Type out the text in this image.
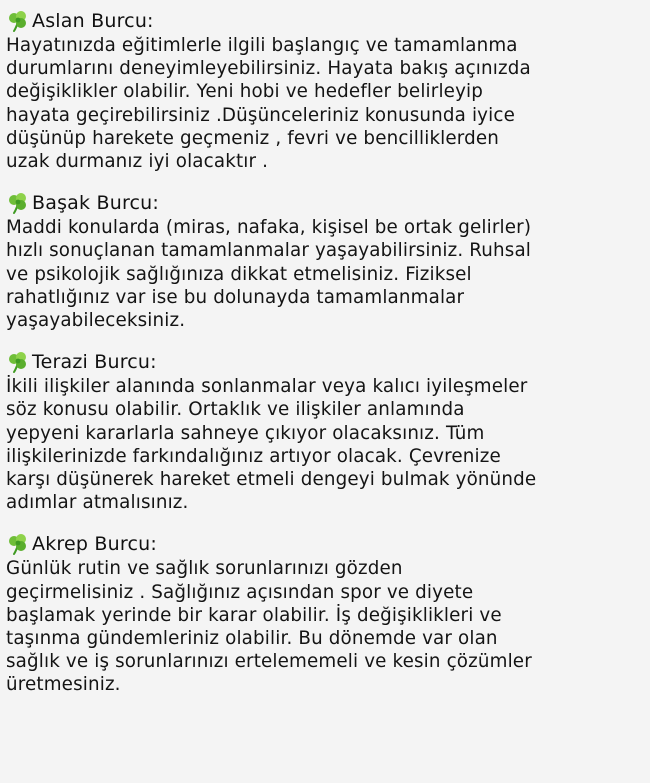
Aslan Burcu:

Hayatınızda eğitimlerle ilgili başlangıç ve tamamlanma
durumlarını deneyimleyebilirsiniz. Hayata bakış açınızda
değişiklikler olabilir. Yeni hobi ve hedefler belirleyip
hayata geçirebilirsiniz .Düşünceleriniz konusunda iyice
düşünüp harekete geçmeniz , fevri ve bencilliklerden
uzak durmanız iyi olacaktır .

Başak Burcu:

Maddi konularda (miras, nafaka, kişisel be ortak gelirler)
hızlı sonuçlanan tamamlanmalar yaşayabilirsiniz. Ruhsal
ve psikolojik sağlığınıza dikkat etmelisiniz. Fiziksel
rahatlığınız var ise bu dolunayda tamamlanmalar
yaşayabileceksiniz.

Terazi Burcu:

İkili ilişkiler alanında sonlanmalar veya kalıcı iyileşmeler
söz konusu olabilir. Ortaklık ve ilişkiler anlamında
yepyeni kararlarla sahneye çıkıyor olacaksınız. Tüm
ilişkilerinizde farkındalığınız artıyor olacak. Çevrenize
karşı düşünerek hareket etmeli dengeyi bulmak yönünde
adımlar atmalısınız.

Akrep Burcu:

Günlük rutin ve sağlık sorunlarınızı gözden
geçirmelisiniz . Sağlığınız açısından spor ve diyete
başlamak yerinde bir karar olabilir. İş değişiklikleri ve
taşınma gündemleriniz olabilir. Bu dönemde var olan
sağlık ve iş sorunlarınızı ertelememeli ve kesin çözümler
üretmesiniz.
